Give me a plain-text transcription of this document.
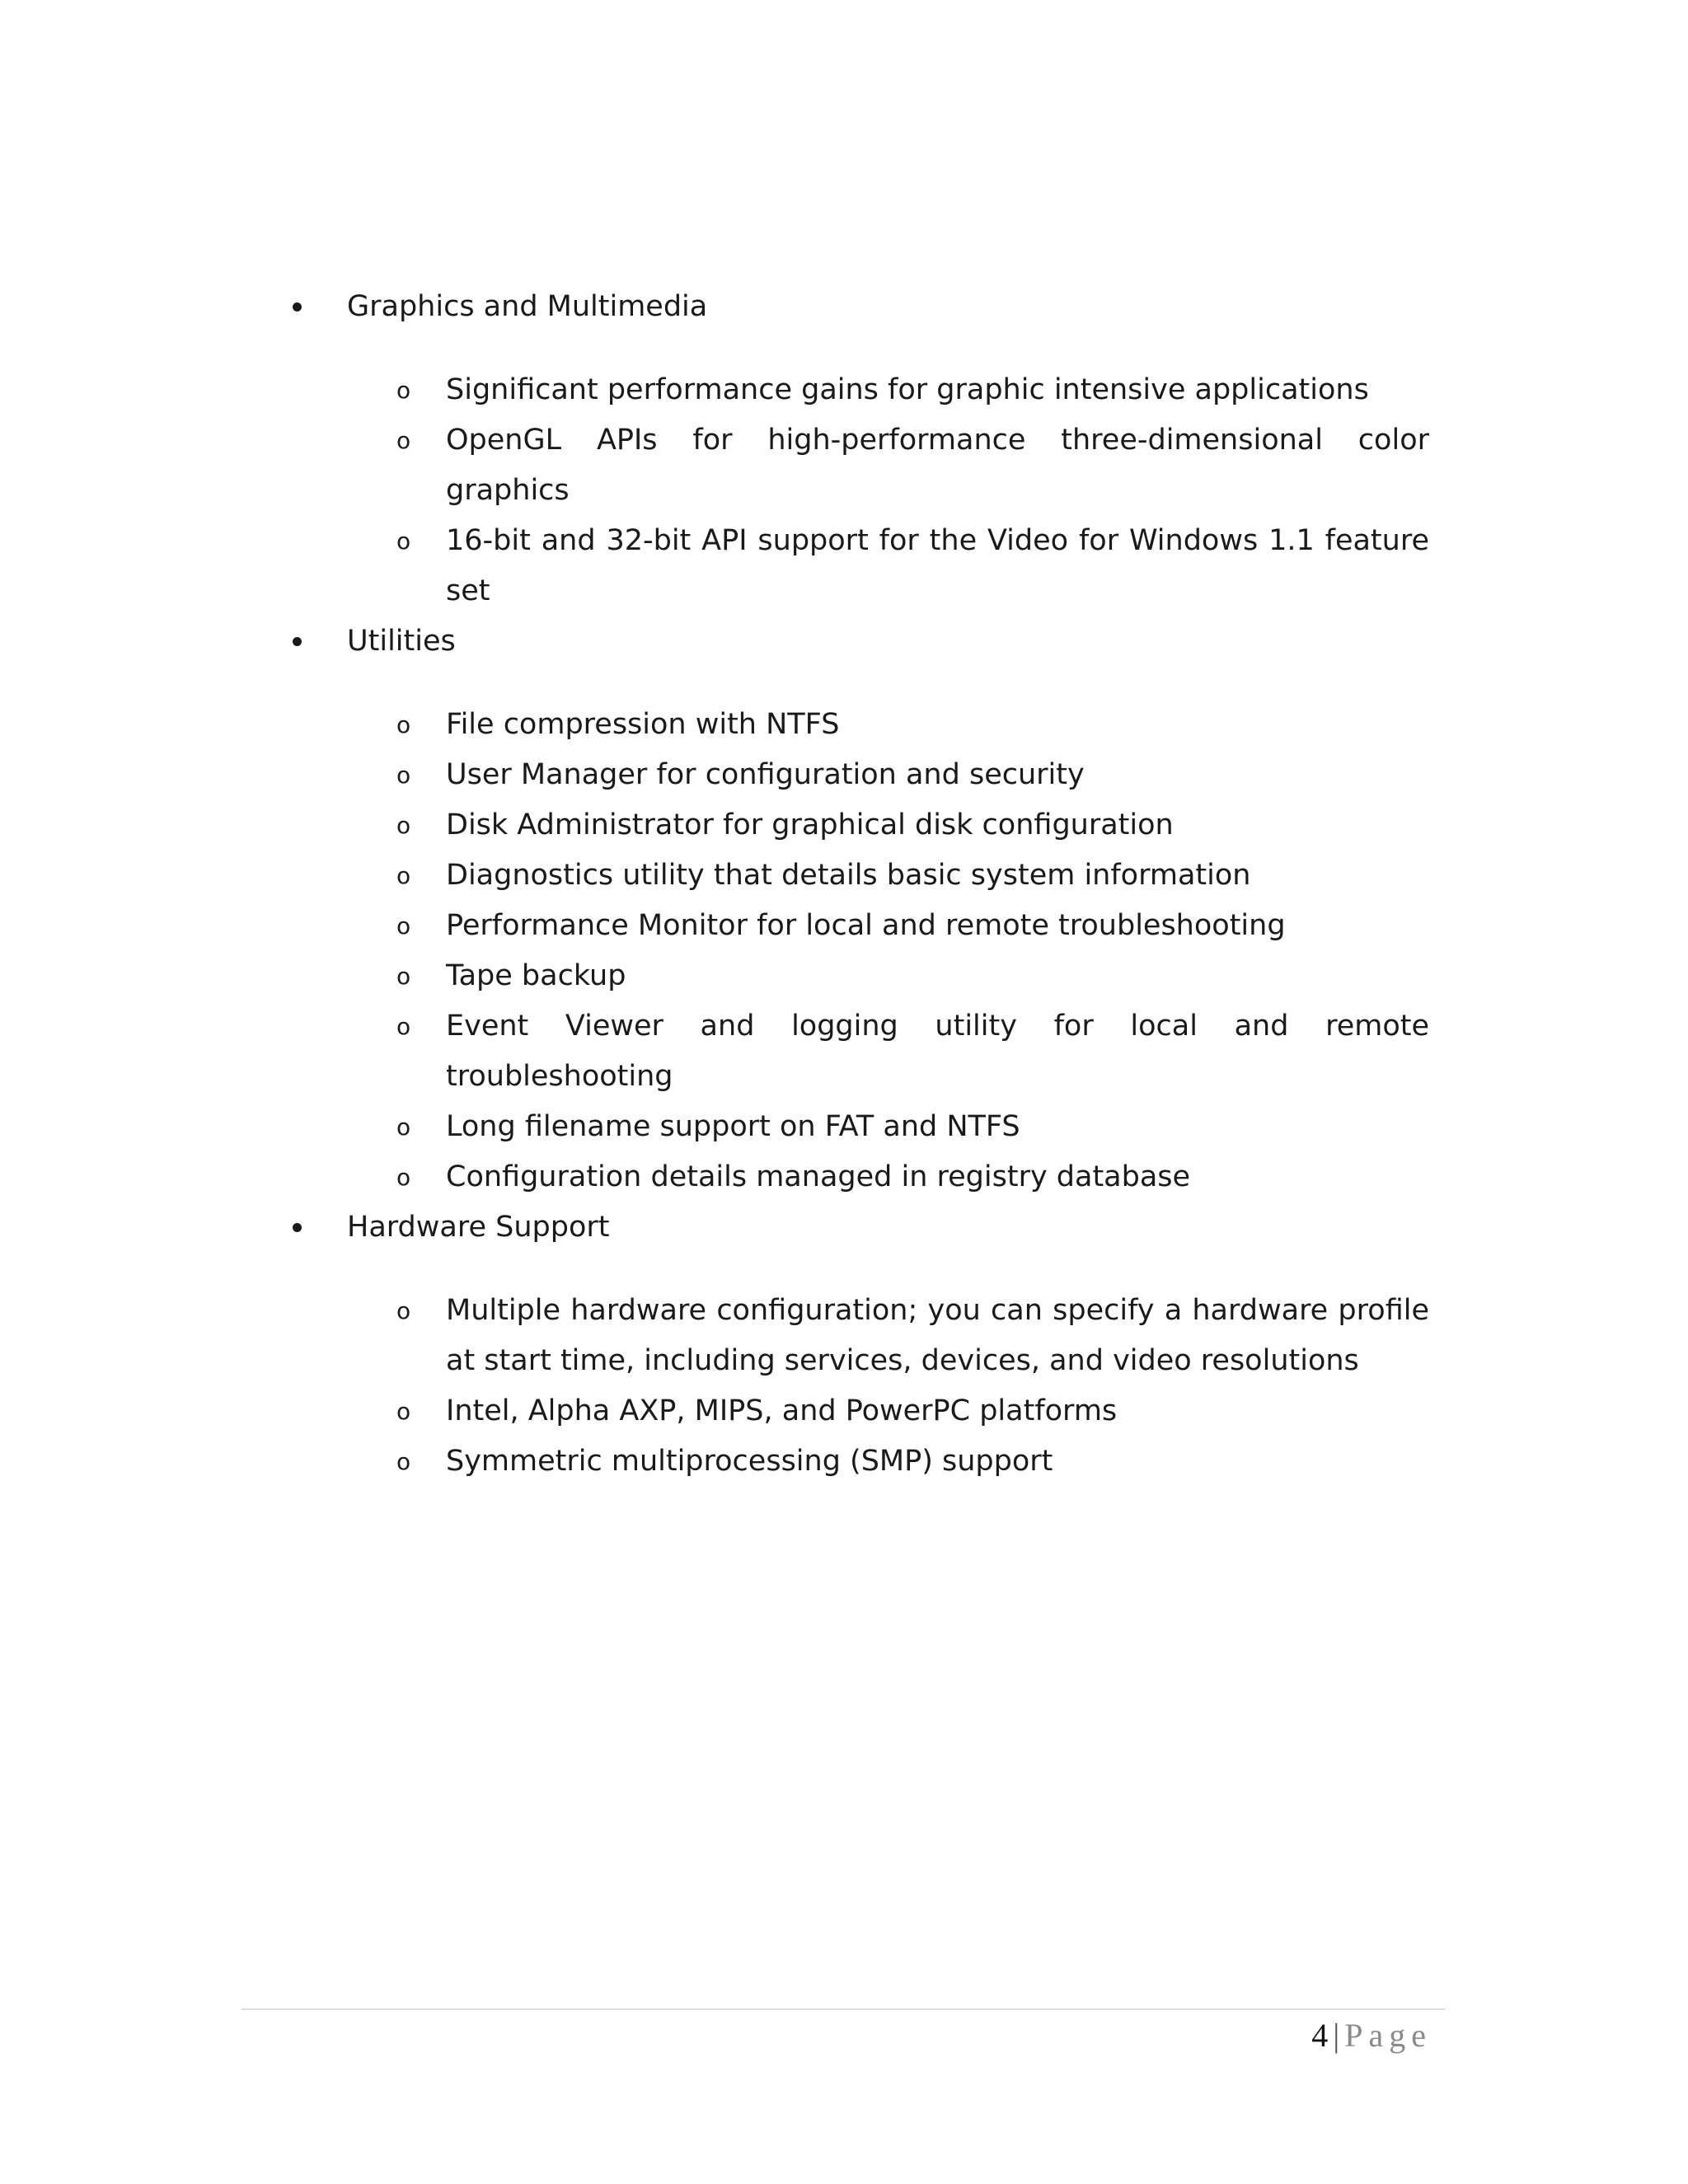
Graphics and Multimedia
o Significant performance gains for graphic intensive applications
o OpenGL APIs for high-performance three-dimensional color graphics
o 16-bit and 32-bit API support for the Video for Windows 1.1 feature set
Utilities
o File compression with NTFS
o User Manager for configuration and security
o Disk Administrator for graphical disk configuration
o Diagnostics utility that details basic system information
o Performance Monitor for local and remote troubleshooting
o Tape backup
o Event Viewer and logging utility for local and remote troubleshooting
o Long filename support on FAT and NTFS
o Configuration details managed in registry database
Hardware Support
o Multiple hardware configuration; you can specify a hardware profile at start time, including services, devices, and video resolutions
o Intel, Alpha AXP, MIPS, and PowerPC platforms
o Symmetric multiprocessing (SMP) support
4 | Page
